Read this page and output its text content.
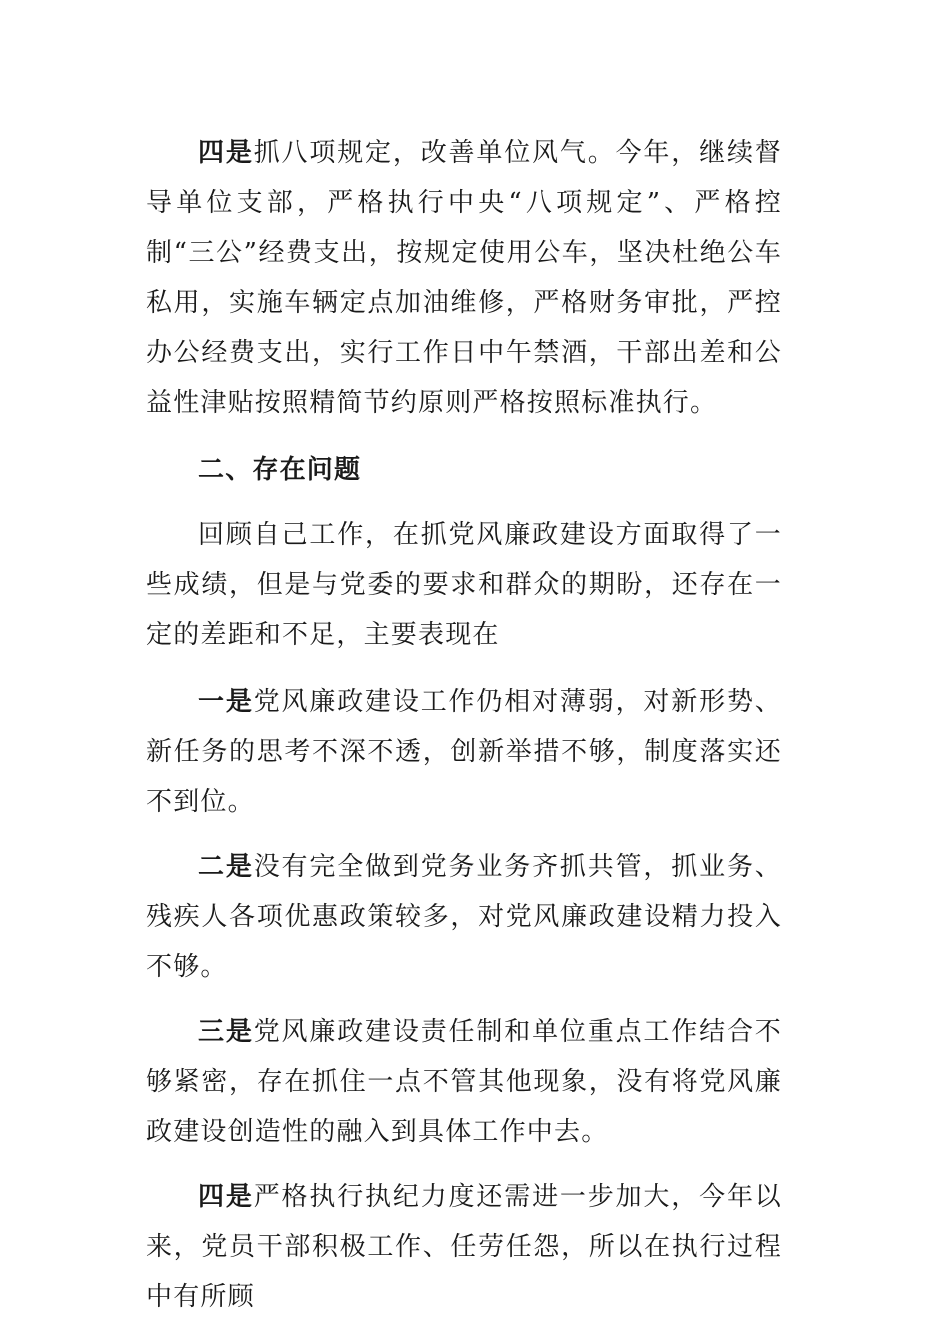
四是抓八项规定，改善单位风气。今年，继续督导单位支部，严格执行中央“八项规定”、严格控制“三公”经费支出，按规定使用公车，坚决杜绝公车私用，实施车辆定点加油维修，严格财务审批，严控办公经费支出，实行工作日中午禁酒，干部出差和公益性津贴按照精简节约原则严格按照标准执行。

二、存在问题

回顾自己工作，在抓党风廉政建设方面取得了一些成绩，但是与党委的要求和群众的期盼，还存在一定的差距和不足，主要表现在

一是党风廉政建设工作仍相对薄弱，对新形势、新任务的思考不深不透，创新举措不够，制度落实还不到位。

二是没有完全做到党务业务齐抓共管，抓业务、残疾人各项优惠政策较多，对党风廉政建设精力投入不够。

三是党风廉政建设责任制和单位重点工作结合不够紧密，存在抓住一点不管其他现象，没有将党风廉政建设创造性的融入到具体工作中去。

四是严格执行执纪力度还需进一步加大，今年以来，党员干部积极工作、任劳任怨，所以在执行过程中有所顾
